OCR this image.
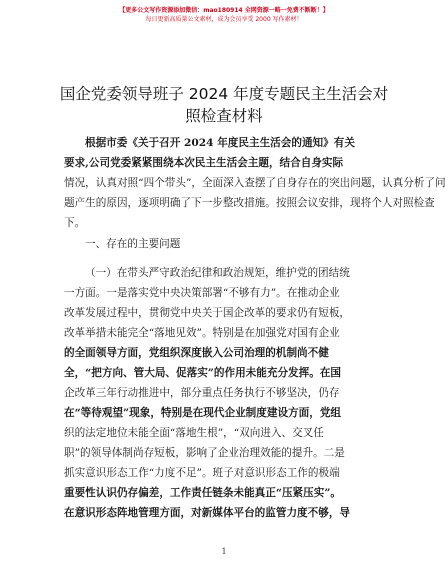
【更多公文写作资源添加微信：mao180914 全网资源一略一免费不断断！】
每日更新高质量公文素材，成为会员享受 2000 写作素材！
国企党委领导班子 2024 年度专题民主生活会对
照检查材料
根据市委《关于召开 2024 年度民主生活会的通知》有关
要求,公司党委紧紧围绕本次民主生活会主题，结合自身实际
情况，认真对照“四个带头”，全面深入查摆了自身存在的突出问题，认真分析了问
题产生的原因，逐项明确了下一步整改措施。按照会议安排，现将个人对照检查
下。
一、存在的主要问题
（一）在带头严守政治纪律和政治规矩，维护党的团结统
一方面。一是落实党中央决策部署“不够有力”。在推动企业
改革发展过程中，贯彻党中央关于国企改革的要求仍有短板，
改革举措未能完全“落地见效”。特别是在加强党对国有企业
的全面领导方面，党组织深度嵌入公司治理的机制尚不健
全，“把方向、管大局、促落实”的作用未能充分发挥。在国
企改革三年行动推进中，部分重点任务执行不够坚决，仍存
在“等待观望”现象，特别是在现代企业制度建设方面，党组
织的法定地位未能全面“落地生根”，“双向进入、交叉任
职”的领导体制尚存短板，影响了企业治理效能的提升。二是
抓实意识形态工作“力度不足”。班子对意识形态工作的极端
重要性认识仍存偏差，工作责任链条未能真正“压紧压实”。
在意识形态阵地管理方面，对新媒体平台的监管力度不够，导
1
